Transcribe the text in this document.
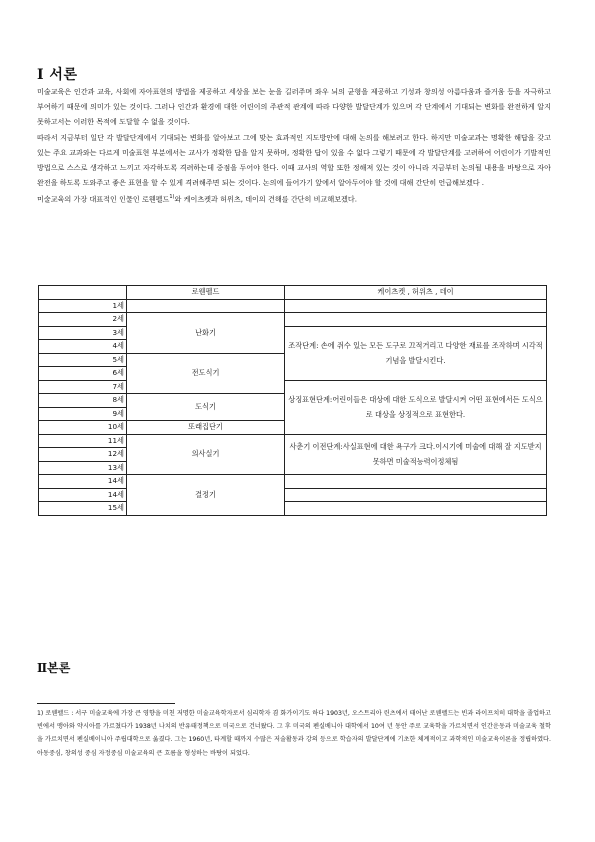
Ⅰ 서론

미술교육은 인간과 교육, 사회에 자아표현의 방법을 제공하고 세상을 보는 눈을 길러주며 좌우 뇌의 균형을 제공하고 기성과 창의성 아름다움과 즐거움 등을 자극하고 부여하기 때문에 의미가 있는 것이다. 그러나 인간과 환경에 대한 어린이의 주관적 관계에 따라 다양한 발달단계가 있으며 각 단계에서 기대되는 변화를 완전하게 알지 못하고서는 이러한 목적에 도달할 수 없을 것이다.

따라서 지금부터 일단 각 발달단계에서 기대되는 변화를 알아보고 그에 맞는 효과적인 지도방안에 대해 논의를 해보려고 한다. 하지만 미술교과는 명확한 해답을 갖고 있는 주요 교과와는 다르게 미술표현 부분에서는 교사가 정확한 답을 알지 못하며, 정확한 답이 있을 수 없다 그렇기 때문에 각 발달단계를 고려하여 어린이가 기발적인 방법으로 스스로 생각하고 느끼고 자각하도록 격려하는데 중점을 두어야 한다. 이때 교사의 역할 또한 정해져 있는 것이 아니라 지금부터 논의될 내용을 바탕으로 자아완전을 하도록 도와주고 좋은 표현을 할 수 있게 격려해주면 되는 것이다. 논의에 들어가기 앞에서 알아두어야 할 것에 대해 간단히 언급해보겠다 .

미술교육의 가장 대표적인 인물인 로웬펠드$^{1)}$와 케이츠켓과 허위츠, 데이의 견해를 간단히 비교해보겠다.

	로웬펠드	케이츠켓 , 허위츠 , 데이
1세		
2세	난화기	
3세		조작단계: 손에 쥐수 있는 모든 도구로 끄적거리고 다양한 재료를 조작하며 시각적 기념을 발달시킨다.
4세		
5세	전도식기	
6세		
7세		상징표현단계:어린이들은 대상에 대한 도식으로 발달시켜 어떤 표현에서든 도식으로 대상을 상징적으로 표현한다.
8세	도식기	
9세		
10세	또래집단기	
11세	의사실기	사춘기 이전단계:사실표현에 대한 욕구가 크다.이시기에 미술에 대해 잘 지도받지 못하면 미술적능력이정체됨
12세		
13세		
14세	결정기	
14세		
15세		
Ⅱ본론
1) 로웬펠드 : 서구 미술교육에 가장 큰 영향을 미친 저명한 미술교육학자로서 심리학자 겸 화가이기도 하다 1903년, 오스트리아 린츠에서 태어난 로웬펠드는 빈과 라이프치히 대학을 졸업하고 빈에서 맹아와 약시아를 가르쳤다가 1938년 나치의 반유태정책으로 미국으로 건너왔다. 그 후 미국의 펜실베니아 대학에서 10여 년 동안 주로 교육학을 가르치면서 인간운동과 미술교육 철학을 가르치면서 펜실베이니아 주립대학으로 옮겼다. 그는 1960년, 타계할 때까지 수많은 저술활동과 강의 등으로 학습자의 발달단계에 기초한 체계적이고 과학적인 미술교육이론을 정립하였다. 아동중심, 창의성 중심 자정중심 미술교육의 큰 흐름을 형성하는 바탕이 되었다.
